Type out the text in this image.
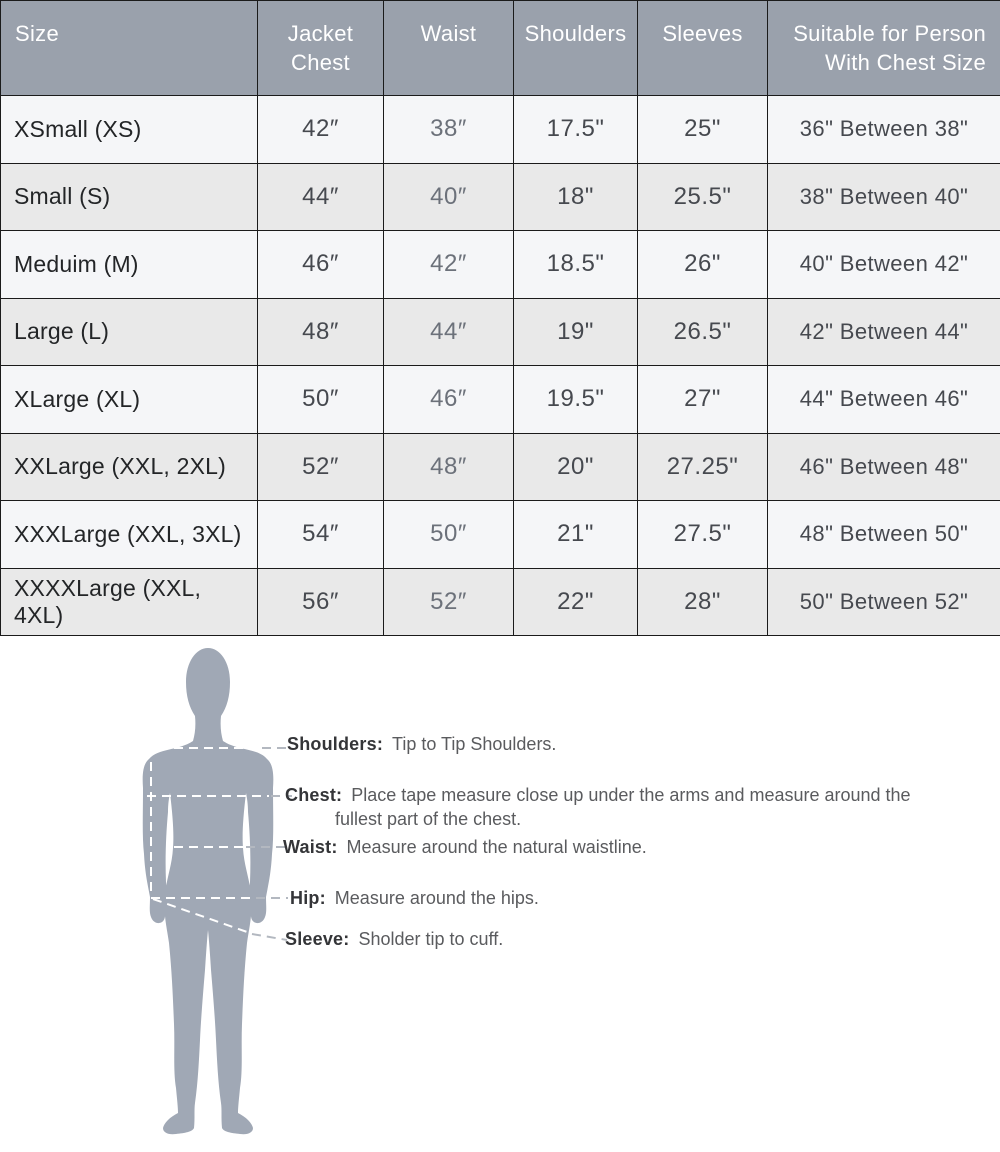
Size	Jacket Chest	Waist	Shoulders	Sleeves	Suitable for Person With Chest Size
XSmall (XS)	42″	38″	17.5"	25"	36" Between 38"
Small (S)	44″	40″	18"	25.5"	38" Between 40"
Meduim (M)	46″	42″	18.5"	26"	40" Between 42"
Large (L)	48″	44″	19"	26.5"	42" Between 44"
XLarge (XL)	50″	46″	19.5"	27"	44" Between 46"
XXLarge (XXL, 2XL)	52″	48″	20"	27.25"	46" Between 48"
XXXLarge (XXL, 3XL)	54″	50″	21"	27.5"	48" Between 50"
XXXXLarge (XXL, 4XL)	56″	52″	22"	28"	50" Between 52"
Shoulders: Tip to Tip Shoulders.
Chest: Place tape measure close up under the arms and measure around the
fullest part of the chest.
Waist: Measure around the natural waistline.
Hip: Measure around the hips.
Sleeve: Sholder tip to cuff.
